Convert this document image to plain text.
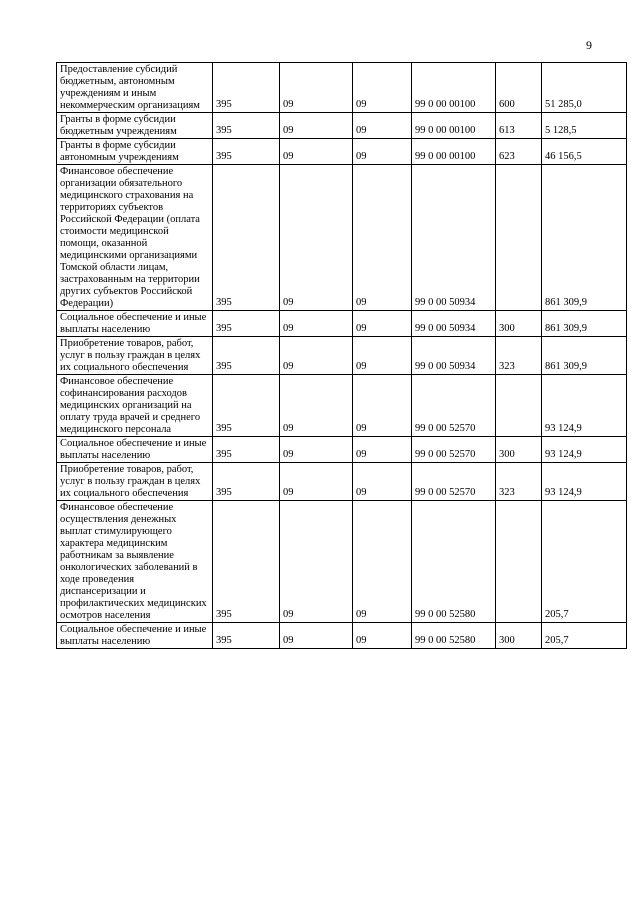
9
Предоставление субсидий бюджетным, автономным учреждениям и иным некоммерческим организациям	395	09	09	99 0 00 00100	600	51 285,0
Гранты в форме субсидии бюджетным учреждениям	395	09	09	99 0 00 00100	613	5 128,5
Гранты в форме субсидии автономным учреждениям	395	09	09	99 0 00 00100	623	46 156,5
Финансовое обеспечение организации обязательного медицинского страхования на территориях субъектов Российской Федерации (оплата стоимости медицинской помощи, оказанной медицинскими организациями Томской области лицам, застрахованным на территории других субъектов Российской Федерации)	395	09	09	99 0 00 50934		861 309,9
Социальное обеспечение и иные выплаты населению	395	09	09	99 0 00 50934	300	861 309,9
Приобретение товаров, работ, услуг в пользу граждан в целях их социального обеспечения	395	09	09	99 0 00 50934	323	861 309,9
Финансовое обеспечение софинансирования расходов медицинских организаций на оплату труда врачей и среднего медицинского персонала	395	09	09	99 0 00 52570		93 124,9
Социальное обеспечение и иные выплаты населению	395	09	09	99 0 00 52570	300	93 124,9
Приобретение товаров, работ, услуг в пользу граждан в целях их социального обеспечения	395	09	09	99 0 00 52570	323	93 124,9
Финансовое обеспечение осуществления денежных выплат стимулирующего характера медицинским работникам за выявление онкологических заболеваний в ходе проведения диспансеризации и профилактических медицинских осмотров населения	395	09	09	99 0 00 52580		205,7
Социальное обеспечение и иные выплаты населению	395	09	09	99 0 00 52580	300	205,7
